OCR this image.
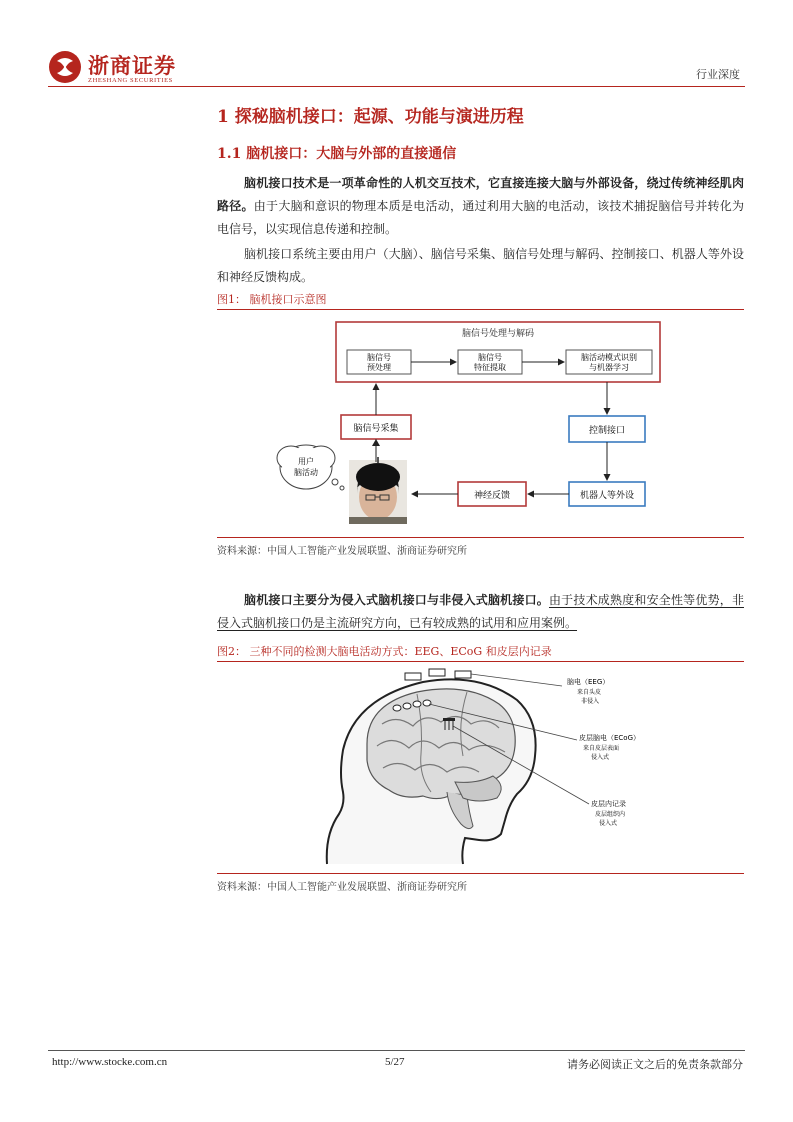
浙商证券
ZHESHANG SECURITIES	行业深度
1 探秘脑机接口：起源、功能与演进历程
1.1 脑机接口：大脑与外部的直接通信
脑机接口技术是一项革命性的人机交互技术，它直接连接大脑与外部设备，绕过传统神经肌肉路径。由于大脑和意识的物理本质是电活动，通过利用大脑的电活动，该技术捕捉脑信号并转化为电信号，以实现信息传递和控制。
脑机接口系统主要由用户（大脑）、脑信号采集、脑信号处理与解码、控制接口、机器人等外设和神经反馈构成。
图1： 脑机接口示意图
脑信号处理与解码
脑信号
预处理
脑信号
特征提取
脑活动模式识别
与机器学习
脑信号采集	控制接口
机器人等外设
神经反馈
用户
脑活动
资料来源：中国人工智能产业发展联盟、浙商证券研究所
脑机接口主要分为侵入式脑机接口与非侵入式脑机接口。由于技术成熟度和安全性等优势，非侵入式脑机接口仍是主流研究方向，已有较成熟的试用和应用案例。
图2： 三种不同的检测大脑电活动方式：EEG、ECoG 和皮层内记录
脑电（EEG）
来自头皮
非侵入
皮层脑电（ECoG）
来自皮层表面
侵入式
皮层内记录
皮层组织内
侵入式
资料来源：中国人工智能产业发展联盟、浙商证券研究所
http://www.stocke.com.cn	5/27	请务必阅读正文之后的免责条款部分
